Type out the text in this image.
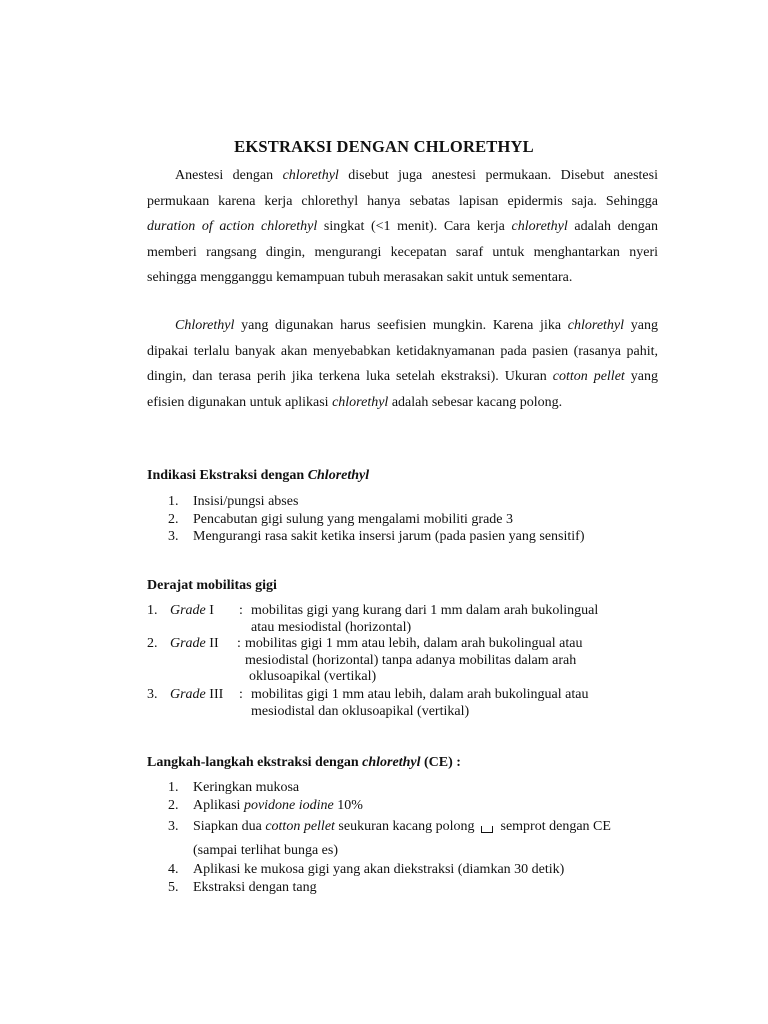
EKSTRAKSI DENGAN CHLORETHYL
Anestesi dengan chlorethyl disebut juga anestesi permukaan. Disebut anestesi permukaan karena kerja chlorethyl hanya sebatas lapisan epidermis saja. Sehingga duration of action chlorethyl singkat (<1 menit). Cara kerja chlorethyl adalah dengan memberi rangsang dingin, mengurangi kecepatan saraf untuk menghantarkan nyeri sehingga mengganggu kemampuan tubuh merasakan sakit untuk sementara.
Chlorethyl yang digunakan harus seefisien mungkin. Karena jika chlorethyl yang dipakai terlalu banyak akan menyebabkan ketidaknyamanan pada pasien (rasanya pahit, dingin, dan terasa perih jika terkena luka setelah ekstraksi). Ukuran cotton pellet yang efisien digunakan untuk aplikasi chlorethyl adalah sebesar kacang polong.
Indikasi Ekstraksi dengan Chlorethyl
1. Insisi/pungsi abses
2. Pencabutan gigi sulung yang mengalami mobiliti grade 3
3. Mengurangi rasa sakit ketika insersi jarum (pada pasien yang sensitif)
Derajat mobilitas gigi
1. Grade I : mobilitas gigi yang kurang dari 1 mm dalam arah bukolingual
atau mesiodistal (horizontal)
2. Grade II : mobilitas gigi 1 mm atau lebih, dalam arah bukolingual atau
mesiodistal (horizontal) tanpa adanya mobilitas dalam arah
oklusoapikal (vertikal)
3. Grade III : mobilitas gigi 1 mm atau lebih, dalam arah bukolingual atau
mesiodistal dan oklusoapikal (vertikal)
Langkah-langkah ekstraksi dengan chlorethyl (CE) :
1. Keringkan mukosa
2. Aplikasi povidone iodine 10%
3. Siapkan dua cotton pellet seukuran kacang polong semprot dengan CE
(sampai terlihat bunga es)
4. Aplikasi ke mukosa gigi yang akan diekstraksi (diamkan 30 detik)
5. Ekstraksi dengan tang
